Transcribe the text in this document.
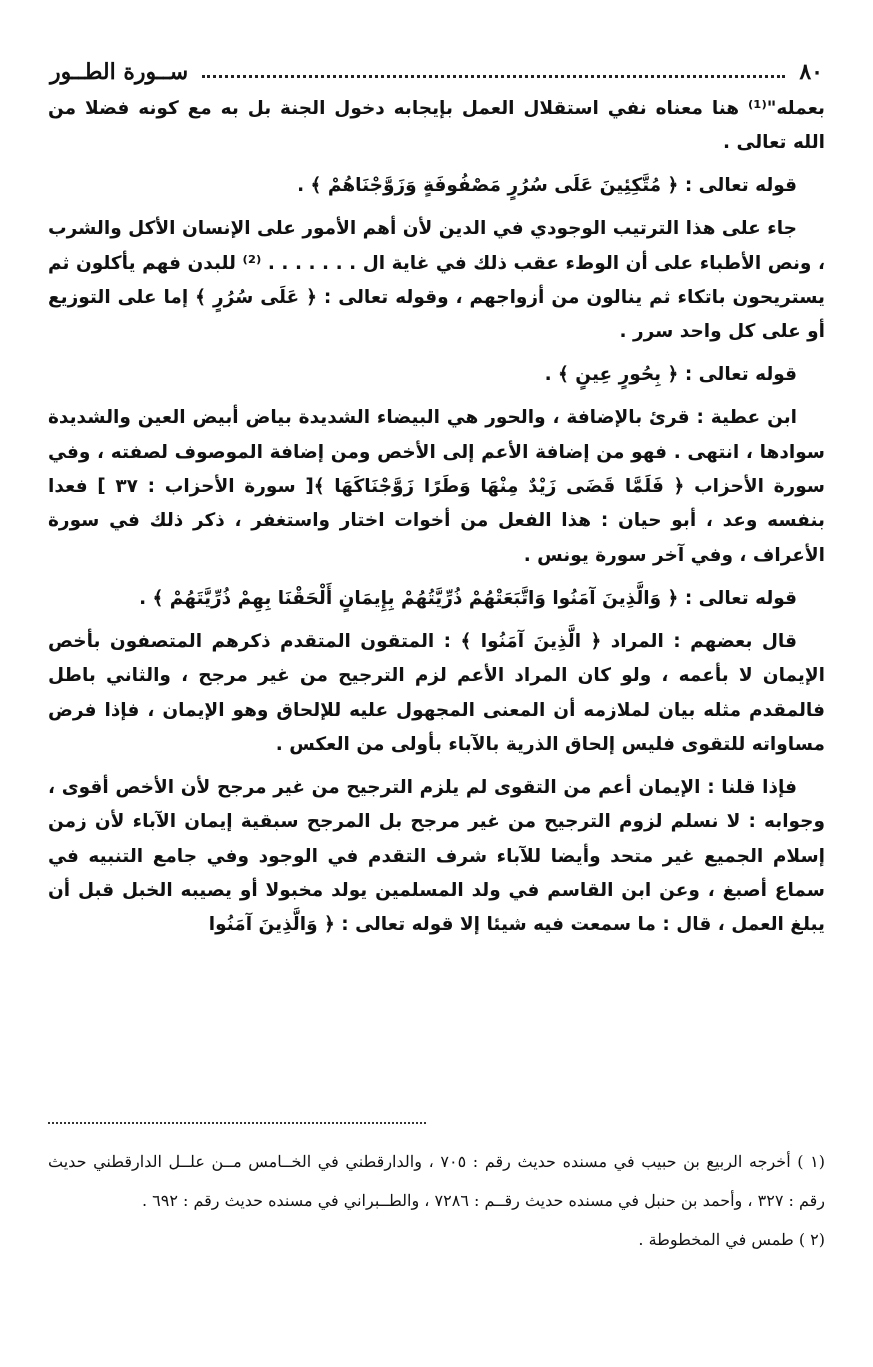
٨٠
ســورة الطــور

بعمله"⁽¹⁾ هنا معناه نفي استقلال العمل بإيجابه دخول الجنة بل به مع كونه فضلا من الله تعالى .

قوله تعالى : ﴿ مُتَّكِئِينَ عَلَى سُرُرٍ مَصْفُوفَةٍ وَزَوَّجْنَاهُمْ ﴾ .

جاء على هذا الترتيب الوجودي في الدين لأن أهم الأمور على الإنسان الأكل والشرب ، ونص الأطباء على أن الوطء عقب ذلك في غاية ال . . . . . . . ⁽²⁾ للبدن فهم يأكلون ثم يستريحون باتكاء ثم ينالون من أزواجهم ، وقوله تعالى : ﴿ عَلَى سُرُرٍ ﴾ إما على التوزيع أو على كل واحد سرر .

قوله تعالى : ﴿ بِحُورٍ عِينٍ ﴾ .

ابن عطية : قرئ بالإضافة ، والحور هي البيضاء الشديدة بياض أبيض العين والشديدة سوادها ، انتهى . فهو من إضافة الأعم إلى الأخص ومن إضافة الموصوف لصفته ، وفي سورة الأحزاب ﴿ فَلَمَّا قَضَى زَيْدٌ مِنْهَا وَطَرًا زَوَّجْنَاكَهَا ﴾[ سورة الأحزاب : ٣٧ ] فعدا بنفسه وعد ، أبو حيان : هذا الفعل من أخوات اختار واستغفر ، ذكر ذلك في سورة الأعراف ، وفي آخر سورة يونس .

قوله تعالى : ﴿ وَالَّذِينَ آمَنُوا وَاتَّبَعَتْهُمْ ذُرِّيَّتُهُمْ بِإِيمَانٍ أَلْحَقْنَا بِهِمْ ذُرِّيَّتَهُمْ ﴾ .

قال بعضهم : المراد ﴿ الَّذِينَ آمَنُوا ﴾ : المتقون المتقدم ذكرهم المتصفون بأخص الإيمان لا بأعمه ، ولو كان المراد الأعم لزم الترجيح من غير مرجح ، والثاني باطل فالمقدم مثله بيان لملازمه أن المعنى المجهول عليه للإلحاق وهو الإيمان ، فإذا فرض مساواته للتقوى فليس إلحاق الذرية بالآباء بأولى من العكس .

فإذا قلنا : الإيمان أعم من التقوى لم يلزم الترجيح من غير مرجح لأن الأخص أقوى ، وجوابه : لا نسلم لزوم الترجيح من غير مرجح بل المرجح سبقية إيمان الآباء لأن زمن إسلام الجميع غير متحد وأيضا للآباء شرف التقدم في الوجود وفي جامع التنبيه في سماع أصبغ ، وعن ابن القاسم في ولد المسلمين يولد مخبولا أو يصيبه الخبل قبل أن يبلغ العمل ، قال : ما سمعت فيه شيئا إلا قوله تعالى : ﴿ وَالَّذِينَ آمَنُوا

(١ ) أخرجه الربيع بن حبيب في مسنده حديث رقم : ٧٠٥ ، والدارقطني في الخــامس مــن علــل الدارقطني حديث رقم : ٣٢٧ ، وأحمد بن حنبل في مسنده حديث رقــم : ٧٢٨٦ ، والطــبراني في مسنده حديث رقم : ٦٩٢ .

(٢ ) طمس في المخطوطة .
